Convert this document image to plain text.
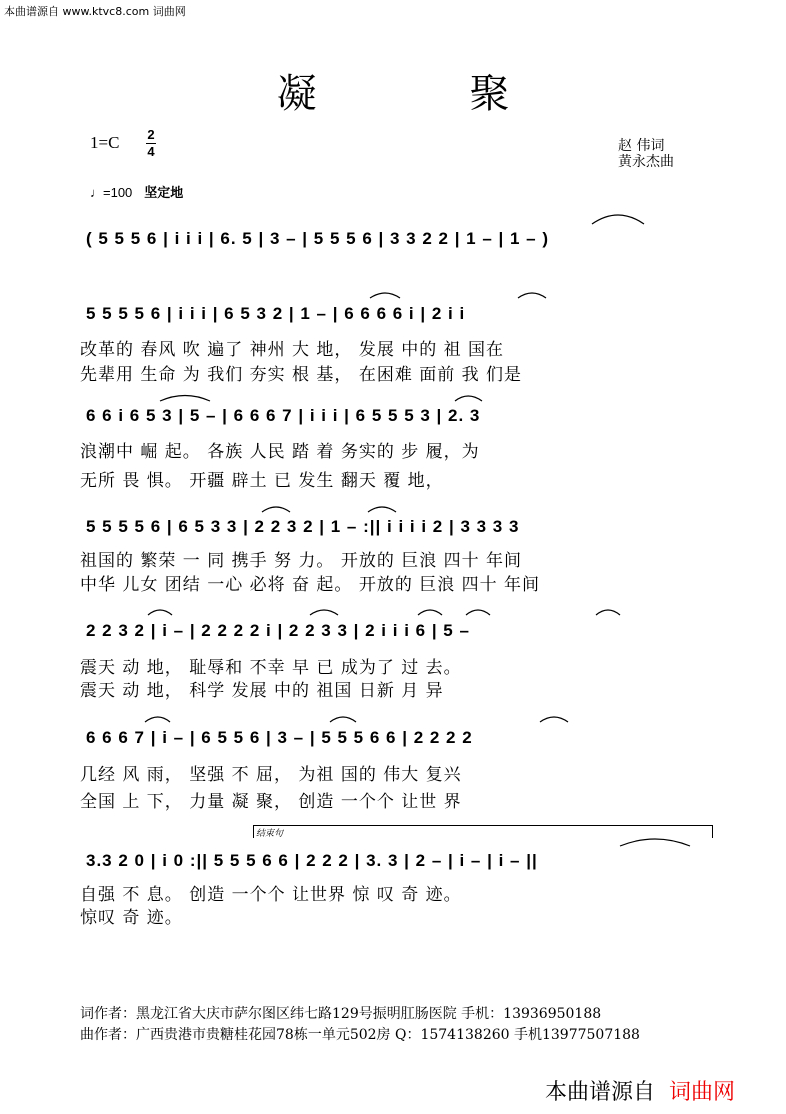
本曲谱源自 www.ktvc8.com 词曲网
凝 聚
1=C 2
4	赵 伟词
黄永杰曲
♩=100 坚定地
( 5 5 5 6 | i i i | 6. 5 | 3 – | 5 5 5 6 | 3 3 2 2 | 1 – | 1 – )
5 5 5 5 6 | i i i | 6 5 3 2 | 1 – | 6 6 6 6 i | 2 i i
改革的 春风 吹 遍了 神州 大 地， 发展 中的 祖 国在
先辈用 生命 为 我们 夯实 根 基， 在困难 面前 我 们是
6 6 i 6 5 3 | 5 – | 6 6 6 7 | i i i | 6 5 5 5 3 | 2. 3
浪潮中 崛 起。 各族 人民 踏 着 务实的 步 履，为
无所 畏 惧。 开疆 辟土 已 发生 翻天 覆 地，
5 5 5 5 6 | 6 5 3 3 | 2 2 3 2 | 1 – :|| i i i i 2 | 3 3 3 3
祖国的 繁荣 一 同 携手 努 力。 开放的 巨浪 四十 年间
中华 儿女 团结 一心 必将 奋 起。 开放的 巨浪 四十 年间
2 2 3 2 | i – | 2 2 2 2 i | 2 2 3 3 | 2 i i i 6 | 5 –
震天 动 地， 耻辱和 不幸 早 已 成为了 过 去。
震天 动 地， 科学 发展 中的 祖国 日新 月 异
6 6 6 7 | i – | 6 5 5 6 | 3 – | 5 5 5 6 6 | 2 2 2 2
几经 风 雨， 坚强 不 屈， 为祖 国的 伟大 复兴
全国 上 下， 力量 凝 聚， 创造 一个个 让世 界
结束句
3.3 2 0 | i 0 :|| 5 5 5 6 6 | 2 2 2 | 3. 3 | 2 – | i – | i – ||
自强 不 息。 创造 一个个 让世界 惊 叹 奇 迹。
惊叹 奇 迹。
词作者：黑龙江省大庆市萨尔图区纬七路129号振明肛肠医院 手机：13936950188
曲作者：广西贵港市贵糖桂花园78栋一单元502房 Q：1574138260 手机13977507188
本曲谱源自 词曲网
